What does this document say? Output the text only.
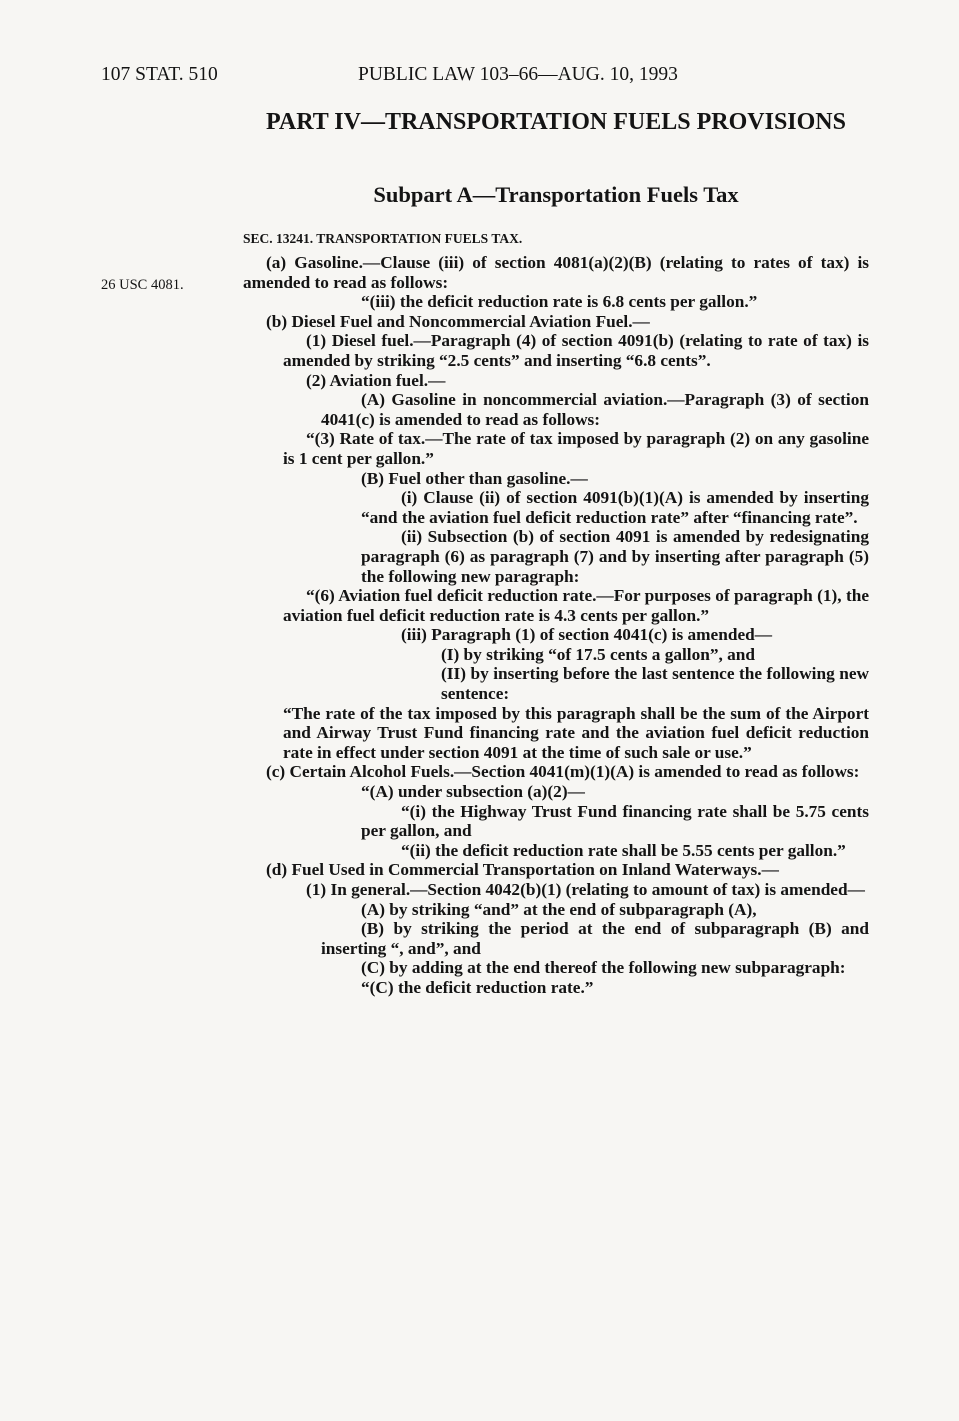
107 STAT. 510	PUBLIC LAW 103–66—AUG. 10, 1993
PART IV—TRANSPORTATION FUELS PROVISIONS
Subpart A—Transportation Fuels Tax
SEC. 13241. TRANSPORTATION FUELS TAX.
26 USC 4081.

(a) Gasoline.—Clause (iii) of section 4081(a)(2)(B) (relating to rates of tax) is amended to read as follows:

“(iii) the deficit reduction rate is 6.8 cents per gallon.”

(b) Diesel Fuel and Noncommercial Aviation Fuel.—

(1) Diesel fuel.—Paragraph (4) of section 4091(b) (relating to rate of tax) is amended by striking “2.5 cents” and inserting “6.8 cents”.

(2) Aviation fuel.—

(A) Gasoline in noncommercial aviation.—Paragraph (3) of section 4041(c) is amended to read as follows:

“(3) Rate of tax.—The rate of tax imposed by paragraph (2) on any gasoline is 1 cent per gallon.”

(B) Fuel other than gasoline.—

(i) Clause (ii) of section 4091(b)(1)(A) is amended by inserting “and the aviation fuel deficit reduction rate” after “financing rate”.

(ii) Subsection (b) of section 4091 is amended by redesignating paragraph (6) as paragraph (7) and by inserting after paragraph (5) the following new paragraph:

“(6) Aviation fuel deficit reduction rate.—For purposes of paragraph (1), the aviation fuel deficit reduction rate is 4.3 cents per gallon.”

(iii) Paragraph (1) of section 4041(c) is amended—

(I) by striking “of 17.5 cents a gallon”, and

(II) by inserting before the last sentence the following new sentence:

“The rate of the tax imposed by this paragraph shall be the sum of the Airport and Airway Trust Fund financing rate and the aviation fuel deficit reduction rate in effect under section 4091 at the time of such sale or use.”

(c) Certain Alcohol Fuels.—Section 4041(m)(1)(A) is amended to read as follows:

“(A) under subsection (a)(2)—

“(i) the Highway Trust Fund financing rate shall be 5.75 cents per gallon, and

“(ii) the deficit reduction rate shall be 5.55 cents per gallon.”

(d) Fuel Used in Commercial Transportation on Inland Waterways.—

(1) In general.—Section 4042(b)(1) (relating to amount of tax) is amended—

(A) by striking “and” at the end of subparagraph (A),

(B) by striking the period at the end of subparagraph (B) and inserting “, and”, and

(C) by adding at the end thereof the following new subparagraph:

“(C) the deficit reduction rate.”
